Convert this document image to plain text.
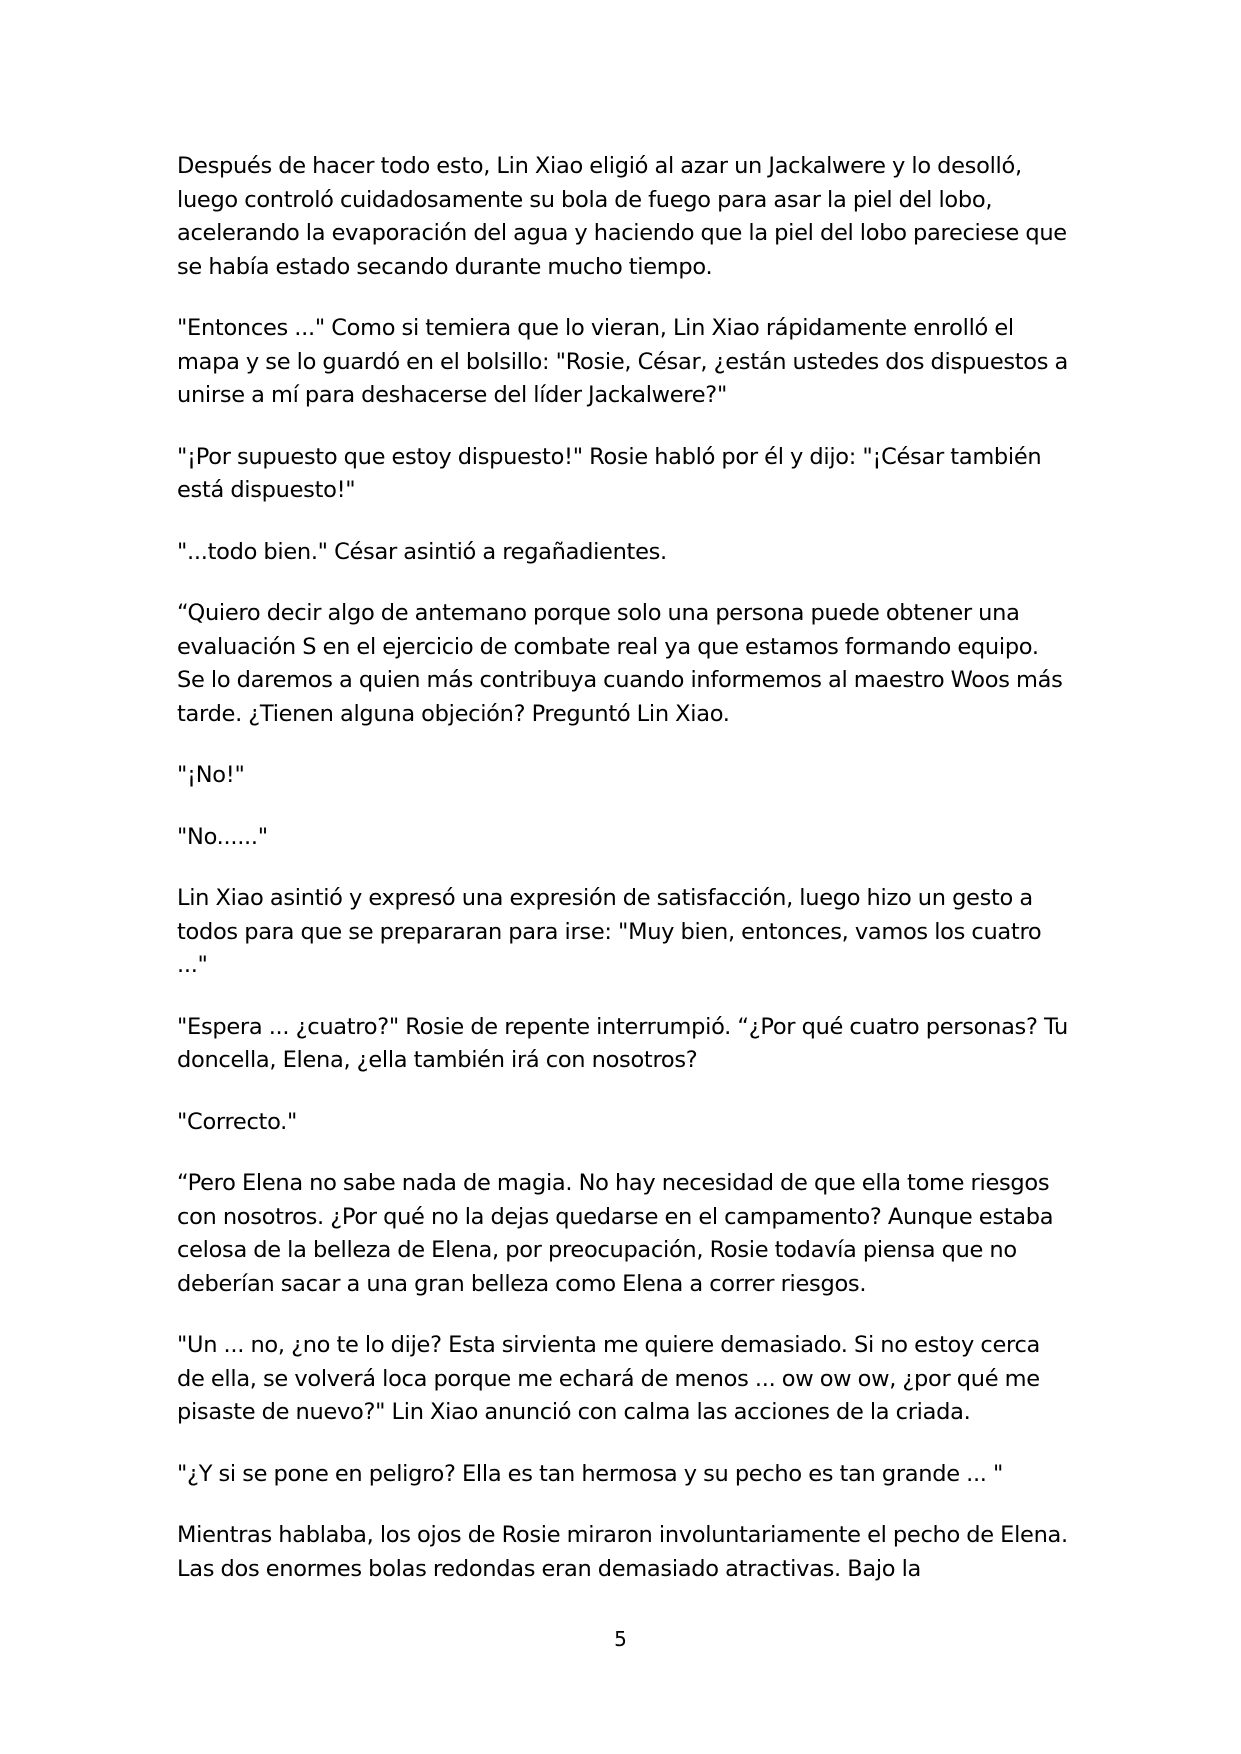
Después de hacer todo esto, Lin Xiao eligió al azar un Jackalwere y lo desolló, luego controló cuidadosamente su bola de fuego para asar la piel del lobo, acelerando la evaporación del agua y haciendo que la piel del lobo pareciese que se había estado secando durante mucho tiempo.

"Entonces ..." Como si temiera que lo vieran, Lin Xiao rápidamente enrolló el mapa y se lo guardó en el bolsillo: "Rosie, César, ¿están ustedes dos dispuestos a unirse a mí para deshacerse del líder Jackalwere?"

"¡Por supuesto que estoy dispuesto!" Rosie habló por él y dijo: "¡César también está dispuesto!"

"...todo bien." César asintió a regañadientes.

“Quiero decir algo de antemano porque solo una persona puede obtener una evaluación S en el ejercicio de combate real ya que estamos formando equipo. Se lo daremos a quien más contribuya cuando informemos al maestro Woos más tarde. ¿Tienen alguna objeción? Preguntó Lin Xiao.

"¡No!"

"No......"

Lin Xiao asintió y expresó una expresión de satisfacción, luego hizo un gesto a todos para que se prepararan para irse: "Muy bien, entonces, vamos los cuatro ..."

"Espera ... ¿cuatro?" Rosie de repente interrumpió. “¿Por qué cuatro personas? Tu doncella, Elena, ¿ella también irá con nosotros?

"Correcto."

“Pero Elena no sabe nada de magia. No hay necesidad de que ella tome riesgos con nosotros. ¿Por qué no la dejas quedarse en el campamento? Aunque estaba celosa de la belleza de Elena, por preocupación, Rosie todavía piensa que no deberían sacar a una gran belleza como Elena a correr riesgos.

"Un ... no, ¿no te lo dije? Esta sirvienta me quiere demasiado. Si no estoy cerca de ella, se volverá loca porque me echará de menos ... ow ow ow, ¿por qué me pisaste de nuevo?" Lin Xiao anunció con calma las acciones de la criada.

"¿Y si se pone en peligro? Ella es tan hermosa y su pecho es tan grande ... "

Mientras hablaba, los ojos de Rosie miraron involuntariamente el pecho de Elena. Las dos enormes bolas redondas eran demasiado atractivas. Bajo la

5
